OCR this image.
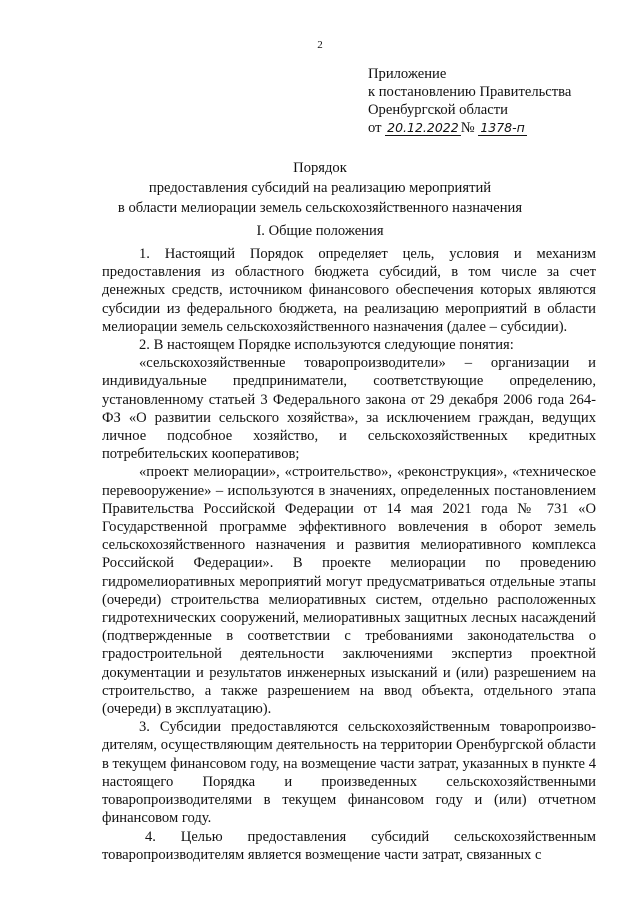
2
Приложение
к постановлению Правительства
Оренбургской области
от 20.12.2022 № 1378-п
Порядок
предоставления субсидий на реализацию мероприятий
в области мелиорации земель сельскохозяйственного назначения
I. Общие положения

1. Настоящий Порядок определяет цель, условия и механизм предоставления из областного бюджета субсидий, в том числе за счет денежных средств, источником финансового обеспечения которых являются субсидии из федерального бюджета, на реализацию мероприятий в области мелиорации земель сельскохозяйственного назначения (далее – субсидии).

2. В настоящем Порядке используются следующие понятия:

«сельскохозяйственные товаропроизводители» – организации и индивидуальные предприниматели, соответствующие определению, установленному статьей 3 Федерального закона от 29 декабря 2006 года 264-ФЗ «О развитии сельского хозяйства», за исключением граждан, ведущих личное подсобное хозяйство, и сельскохозяйственных кредитных потребительских кооперативов;

«проект мелиорации», «строительство», «реконструкция», «техническое перевооружение» – используются в значениях, определенных постановлением Правительства Российской Федерации от 14 мая 2021 года № 731 «О Государственной программе эффективного вовлечения в оборот земель сельскохозяйственного назначения и развития мелиоративного комплекса Российской Федерации». В проекте мелиорации по проведению гидромелиоративных мероприятий могут предусматриваться отдельные этапы (очереди) строительства мелиоративных систем, отдельно расположенных гидротехнических сооружений, мелиоративных защитных лесных насаждений (подтвержденные в соответствии с требованиями законодательства о градостроительной деятельности заключениями экспертиз проектной документации и результатов инженерных изысканий и (или) разрешением на строительство, а также разрешением на ввод объекта, отдельного этапа (очереди) в эксплуатацию).

3. Субсидии предоставляются сельскохозяйственным товаропроизво-дителям, осуществляющим деятельность на территории Оренбургской области в текущем финансовом году, на возмещение части затрат, указанных в пункте 4 настоящего Порядка и произведенных сельскохозяйственными товаропроизводителями в текущем финансовом году и (или) отчетном финансовом году.

4. Целью предоставления субсидий сельскохозяйственным товаропроизводителям является возмещение части затрат, связанных с
